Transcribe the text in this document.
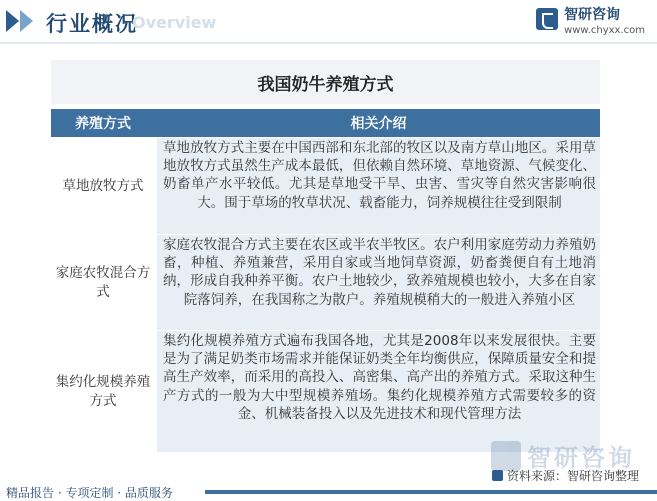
行业概况
Overview	智研咨询
www.chyxx.com
我国奶牛养殖方式
养殖方式	相关介绍
草地放牧方式
草地放牧方式主要在中国西部和东北部的牧区以及南方草山地区。采用草地放牧方式虽然生产成本最低，但依赖自然环境、草地资源、气候变化、奶畜单产水平较低。尤其是草地受干旱、虫害、雪灾等自然灾害影响很大。围于草场的牧草状况、载畜能力，饲养规模往往受到限制
家庭农牧混合方式
家庭农牧混合方式主要在农区或半农半牧区。农户利用家庭劳动力养殖奶畜，种植、养殖兼营，采用自家或当地饲草资源，奶畜粪便自有土地消纳，形成自我种养平衡。农户土地较少，致养殖规模也较小，大多在自家院落饲养，在我国称之为散户。养殖规模稍大的一般进入养殖小区
集约化规模养殖方式
集约化规模养殖方式遍布我国各地，尤其是2008年以来发展很快。主要是为了满足奶类市场需求并能保证奶类全年均衡供应，保障质量安全和提高生产效率，而采用的高投入、高密集、高产出的养殖方式。采取这种生产方式的一般为大中型规模养殖场。集约化规模养殖方式需要较多的资金、机械装备投入以及先进技术和现代管理方法
智研咨询
资料来源：智研咨询整理
精品报告 · 专项定制 · 品质服务
